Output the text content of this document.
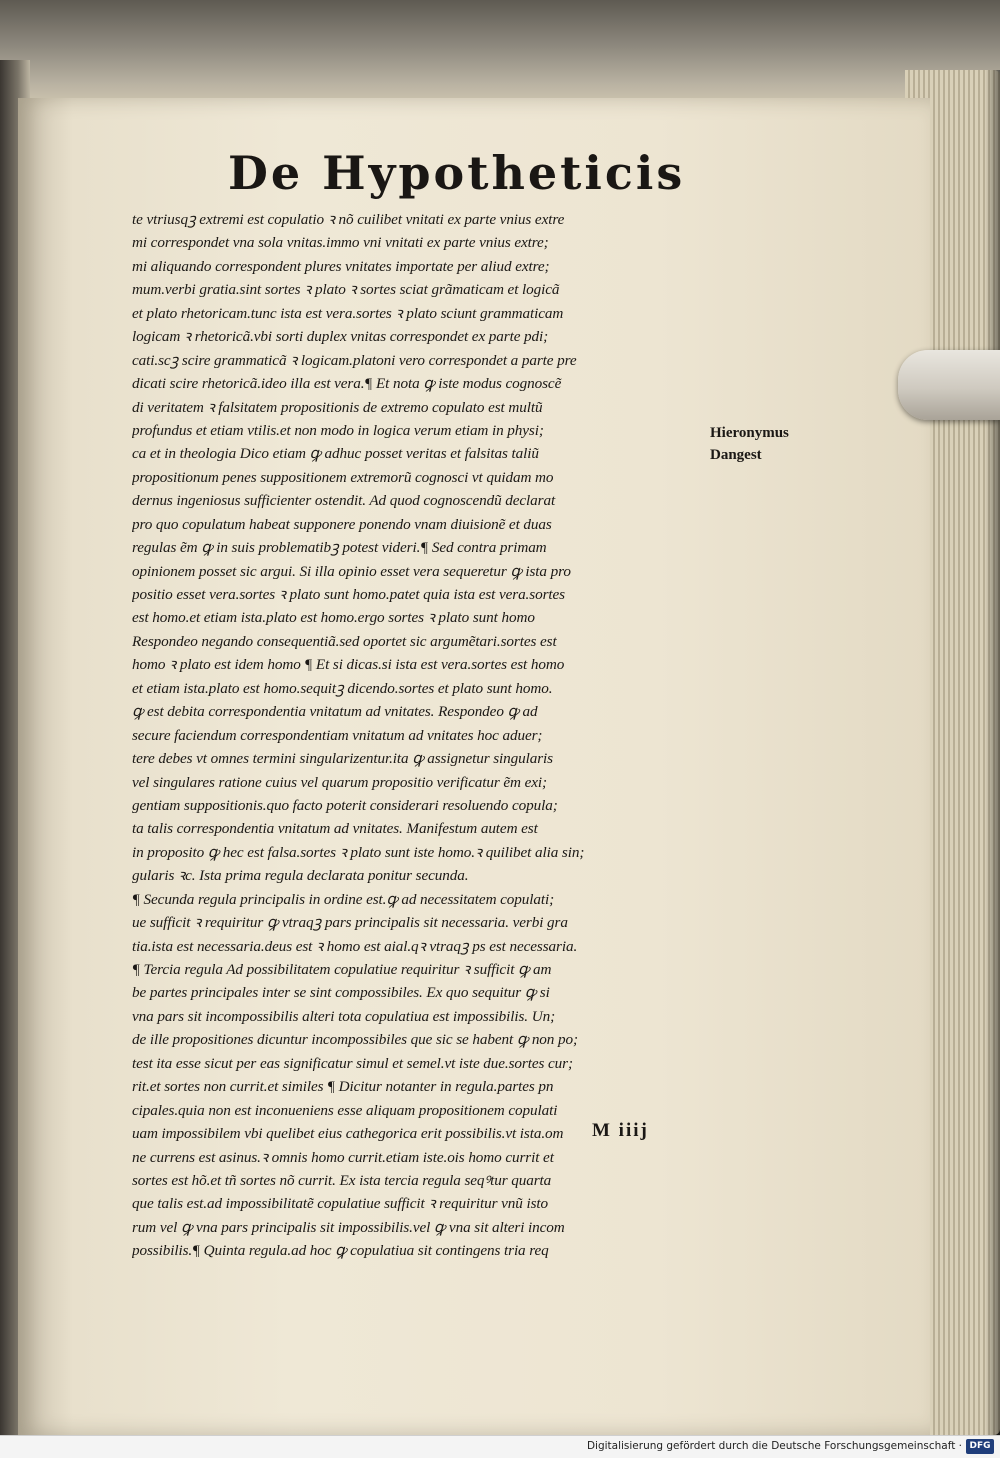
De Hypotheticis
te vtriusqꝫ extremi est copulatio ꝛ nõ cuilibet vnitati ex parte vnius extre
mi correspondet vna sola vnitas.immo vni vnitati ex parte vnius extre;
mi aliquando correspondent plures vnitates importate per aliud extre;
mum.verbi gratia.sint sortes ꝛ plato ꝛ sortes sciat grãmaticam et logicã
et plato rhetoricam.tunc ista est vera.sortes ꝛ plato sciunt grammaticam
logicam ꝛ rhetoricã.vbi sorti duplex vnitas correspondet ex parte pdi;
cati.scꝫ scire grammaticã ꝛ logicam.platoni vero correspondet a parte pre
dicati scire rhetoricã.ideo illa est vera.¶ Et nota ꝙ iste modus cognoscẽ
di veritatem ꝛ falsitatem propositionis de extremo copulato est multũ
profundus et etiam vtilis.et non modo in logica verum etiam in physi;
ca et in theologia Dico etiam ꝙ adhuc posset veritas et falsitas taliũ
propositionum penes suppositionem extremorũ cognosci vt quidam mo
dernus ingeniosus sufficienter ostendit. Ad quod cognoscendũ declarat
pro quo copulatum habeat supponere ponendo vnam diuisionẽ et duas
regulas ẽm ꝙ in suis problematibꝫ potest videri.¶ Sed contra primam
opinionem posset sic argui. Si illa opinio esset vera sequeretur ꝙ ista pro
positio esset vera.sortes ꝛ plato sunt homo.patet quia ista est vera.sortes
est homo.et etiam ista.plato est homo.ergo sortes ꝛ plato sunt homo
Respondeo negando consequentiã.sed oportet sic argumẽtari.sortes est
homo ꝛ plato est idem homo ¶ Et si dicas.si ista est vera.sortes est homo
et etiam ista.plato est homo.sequitꝫ dicendo.sortes et plato sunt homo.
ꝙ est debita correspondentia vnitatum ad vnitates. Respondeo ꝙ ad
secure faciendum correspondentiam vnitatum ad vnitates hoc aduer;
tere debes vt omnes termini singularizentur.ita ꝙ assignetur singularis
vel singulares ratione cuius vel quarum propositio verificatur ẽm exi;
gentiam suppositionis.quo facto poterit considerari resoluendo copula;
ta talis correspondentia vnitatum ad vnitates. Manifestum autem est
in proposito ꝙ hec est falsa.sortes ꝛ plato sunt iste homo.ꝛ quilibet alia sin;
gularis ꝛc. Ista prima regula declarata ponitur secunda.
¶ Secunda regula principalis in ordine est.ꝙ ad necessitatem copulati;
ue sufficit ꝛ requiritur ꝙ vtraqꝫ pars principalis sit necessaria. verbi gra
tia.ista est necessaria.deus est ꝛ homo est aial.qꝛ vtraqꝫ ps est necessaria.
¶ Tercia regula Ad possibilitatem copulatiue requiritur ꝛ sufficit ꝙ am
be partes principales inter se sint compossibiles. Ex quo sequitur ꝙ si
vna pars sit incompossibilis alteri tota copulatiua est impossibilis. Un;
de ille propositiones dicuntur incompossibiles que sic se habent ꝙ non po;
test ita esse sicut per eas significatur simul et semel.vt iste due.sortes cur;
rit.et sortes non currit.et similes ¶ Dicitur notanter in regula.partes pn
cipales.quia non est inconueniens esse aliquam propositionem copulati
uam impossibilem vbi quelibet eius cathegorica erit possibilis.vt ista.om
ne currens est asinus.ꝛ omnis homo currit.etiam iste.ois homo currit et
sortes est hõ.et tñ sortes nõ currit. Ex ista tercia regula seqꝰtur quarta
que talis est.ad impossibilitatẽ copulatiue sufficit ꝛ requiritur vnũ isto
rum vel ꝙ vna pars principalis sit impossibilis.vel ꝙ vna sit alteri incom
possibilis.¶ Quinta regula.ad hoc ꝙ copulatiua sit contingens tria req
Hieronymus
Dangest
M iiij
Digitalisierung gefördert durch die Deutsche Forschungsgemeinschaft · DFG
